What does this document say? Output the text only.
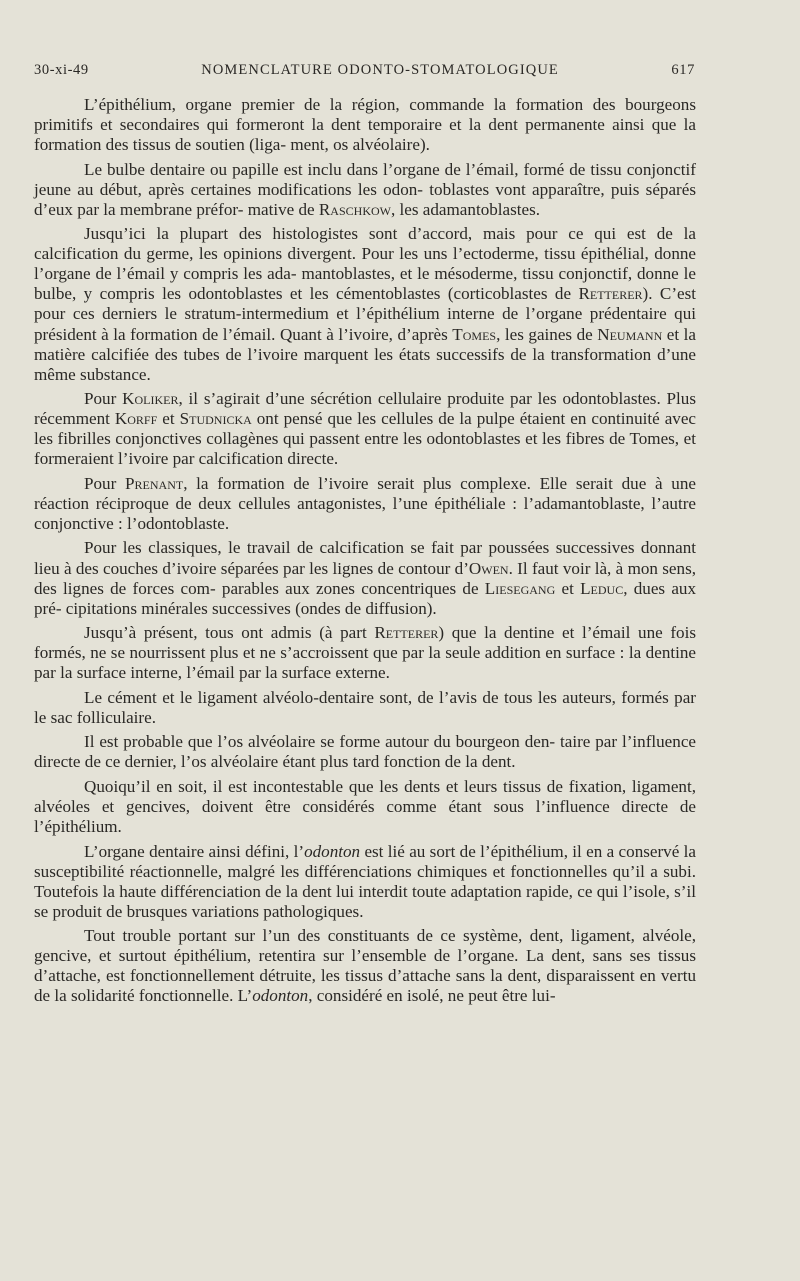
30-xi-49	NOMENCLATURE ODONTO-STOMATOLOGIQUE	617

L’épithélium, organe premier de la région, commande la formation des bourgeons primitifs et secondaires qui formeront la dent temporaire et la dent permanente ainsi que la formation des tissus de soutien (liga- ment, os alvéolaire).

Le bulbe dentaire ou papille est inclu dans l’organe de l’émail, formé de tissu conjonctif jeune au début, après certaines modifications les odon- toblastes vont apparaître, puis séparés d’eux par la membrane préfor- mative de Raschkow, les adamantoblastes.

Jusqu’ici la plupart des histologistes sont d’accord, mais pour ce qui est de la calcification du germe, les opinions divergent. Pour les uns l’ectoderme, tissu épithélial, donne l’organe de l’émail y compris les ada- mantoblastes, et le mésoderme, tissu conjonctif, donne le bulbe, y compris les odontoblastes et les cémentoblastes (corticoblastes de Retterer). C’est pour ces derniers le stratum-intermedium et l’épithélium interne de l’organe prédentaire qui président à la formation de l’émail. Quant à l’ivoire, d’après Tomes, les gaines de Neumann et la matière calcifiée des tubes de l’ivoire marquent les états successifs de la transformation d’une même substance.

Pour Koliker, il s’agirait d’une sécrétion cellulaire produite par les odontoblastes. Plus récemment Korff et Studnicka ont pensé que les cellules de la pulpe étaient en continuité avec les fibrilles conjonctives collagènes qui passent entre les odontoblastes et les fibres de Tomes, et formeraient l’ivoire par calcification directe.

Pour Prenant, la formation de l’ivoire serait plus complexe. Elle serait due à une réaction réciproque de deux cellules antagonistes, l’une épithéliale : l’adamantoblaste, l’autre conjonctive : l’odontoblaste.

Pour les classiques, le travail de calcification se fait par poussées successives donnant lieu à des couches d’ivoire séparées par les lignes de contour d’Owen. Il faut voir là, à mon sens, des lignes de forces com- parables aux zones concentriques de Liesegang et Leduc, dues aux pré- cipitations minérales successives (ondes de diffusion).

Jusqu’à présent, tous ont admis (à part Retterer) que la dentine et l’émail une fois formés, ne se nourrissent plus et ne s’accroissent que par la seule addition en surface : la dentine par la surface interne, l’émail par la surface externe.

Le cément et le ligament alvéolo-dentaire sont, de l’avis de tous les auteurs, formés par le sac folliculaire.

Il est probable que l’os alvéolaire se forme autour du bourgeon den- taire par l’influence directe de ce dernier, l’os alvéolaire étant plus tard fonction de la dent.

Quoiqu’il en soit, il est incontestable que les dents et leurs tissus de fixation, ligament, alvéoles et gencives, doivent être considérés comme étant sous l’influence directe de l’épithélium.

L’organe dentaire ainsi défini, l’odonton est lié au sort de l’épithélium, il en a conservé la susceptibilité réactionnelle, malgré les différenciations chimiques et fonctionnelles qu’il a subi. Toutefois la haute différenciation de la dent lui interdit toute adaptation rapide, ce qui l’isole, s’il se produit de brusques variations pathologiques.

Tout trouble portant sur l’un des constituants de ce système, dent, ligament, alvéole, gencive, et surtout épithélium, retentira sur l’ensemble de l’organe. La dent, sans ses tissus d’attache, est fonctionnellement détruite, les tissus d’attache sans la dent, disparaissent en vertu de la solidarité fonctionnelle. L’odonton, considéré en isolé, ne peut être lui-
